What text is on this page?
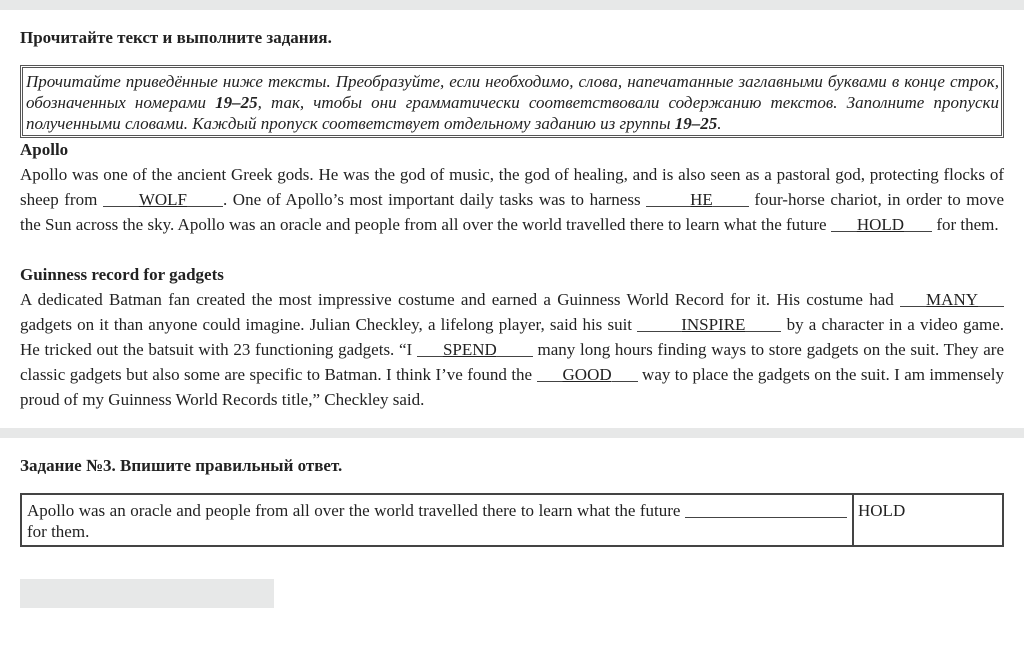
Прочитайте текст и выполните задания.
Прочитайте приведённые ниже тексты. Преобразуйте, если необходимо, слова, напечатанные заглавными буквами в конце строк, обозначенных номерами 19–25, так, чтобы они грамматически соответствовали содержанию текстов. Заполните пропуски полученными словами. Каждый пропуск соответствует отдельному заданию из группы 19–25.
Apollo
Apollo was one of the ancient Greek gods. He was the god of music, the god of healing, and is also seen as a pastoral god, protecting flocks of sheep from WOLF . One of Apollo’s most important daily tasks was to harness	HE four-horse chariot, in order to move the Sun across the sky. Apollo was an oracle and people from all over the world travelled there to learn what the future HOLD for them.
Guinness record for gadgets
A dedicated Batman fan created the most impressive costume and earned a Guinness World Record for it. His costume had MANY gadgets on it than anyone could imagine. Julian Checkley, a lifelong player, said his suit	INSPIRE by a character in a video game. He tricked out the batsuit with 23 functioning gadgets. “I SPEND many long hours finding ways to store gadgets on the suit. They are classic gadgets but also some are specific to Batman. I think I’ve found the GOOD way to place the gadgets on the suit. I am immensely proud of my Guinness World Records title,” Checkley said.
Задание №3. Впишите правильный ответ.
Apollo was an oracle and people from all over the world travelled there to learn what the future  for them.	HOLD
